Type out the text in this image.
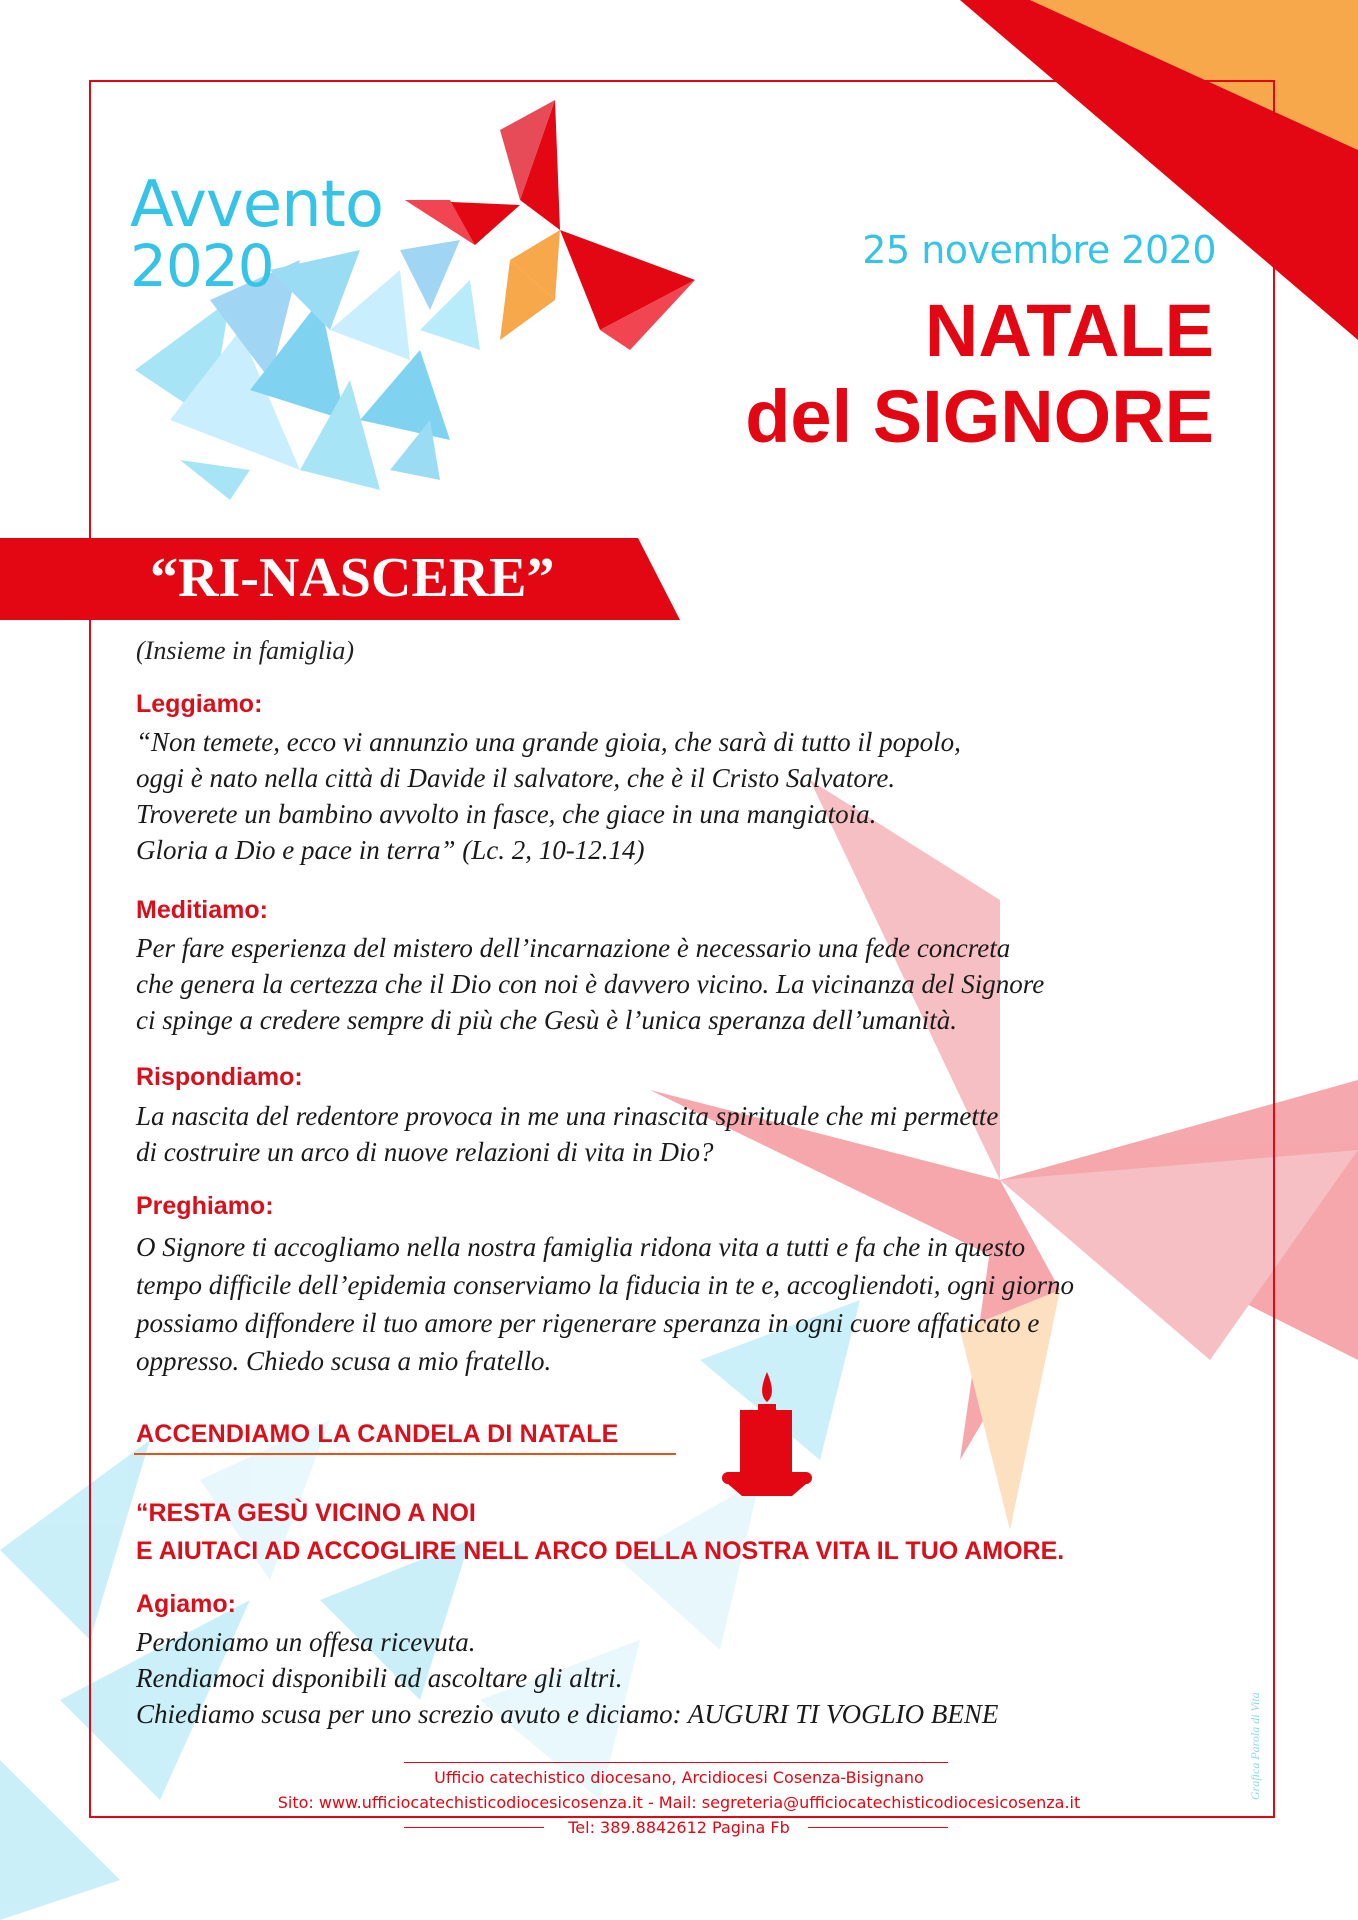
Avvento
2020	25 novembre 2020
NATALE
del SIGNORE
“RI-NASCERE”
(Insieme in famiglia)
Leggiamo:
“Non temete, ecco vi annunzio una grande gioia, che sarà di tutto il popolo,
oggi è nato nella città di Davide il salvatore, che è il Cristo Salvatore.
Troverete un bambino avvolto in fasce, che giace in una mangiatoia.
Gloria a Dio e pace in terra” (Lc. 2, 10-12.14)
Meditiamo:
Per fare esperienza del mistero dell’incarnazione è necessario una fede concreta
che genera la certezza che il Dio con noi è davvero vicino. La vicinanza del Signore
ci spinge a credere sempre di più che Gesù è l’unica speranza dell’umanità.
Rispondiamo:
La nascita del redentore provoca in me una rinascita spirituale che mi permette
di costruire un arco di nuove relazioni di vita in Dio?
Preghiamo:
O Signore ti accogliamo nella nostra famiglia ridona vita a tutti e fa che in questo
tempo difficile dell’epidemia conserviamo la fiducia in te e, accogliendoti, ogni giorno
possiamo diffondere il tuo amore per rigenerare speranza in ogni cuore affaticato e
oppresso. Chiedo scusa a mio fratello.
ACCENDIAMO LA CANDELA DI NATALE
“RESTA GESÙ VICINO A NOI
E AIUTACI AD ACCOGLIRE NELL ARCO DELLA NOSTRA VITA IL TUO AMORE.
Agiamo:
Perdoniamo un offesa ricevuta.
Rendiamoci disponibili ad ascoltare gli altri.
Chiediamo scusa per uno screzio avuto e diciamo: AUGURI TI VOGLIO BENE
Ufficio catechistico diocesano, Arcidiocesi Cosenza-Bisignano
Sito: www.ufficiocatechisticodiocesicosenza.it - Mail: segreteria@ufficiocatechisticodiocesicosenza.it
Tel: 389.8842612 Pagina Fb
Grafica Parola di Vita
